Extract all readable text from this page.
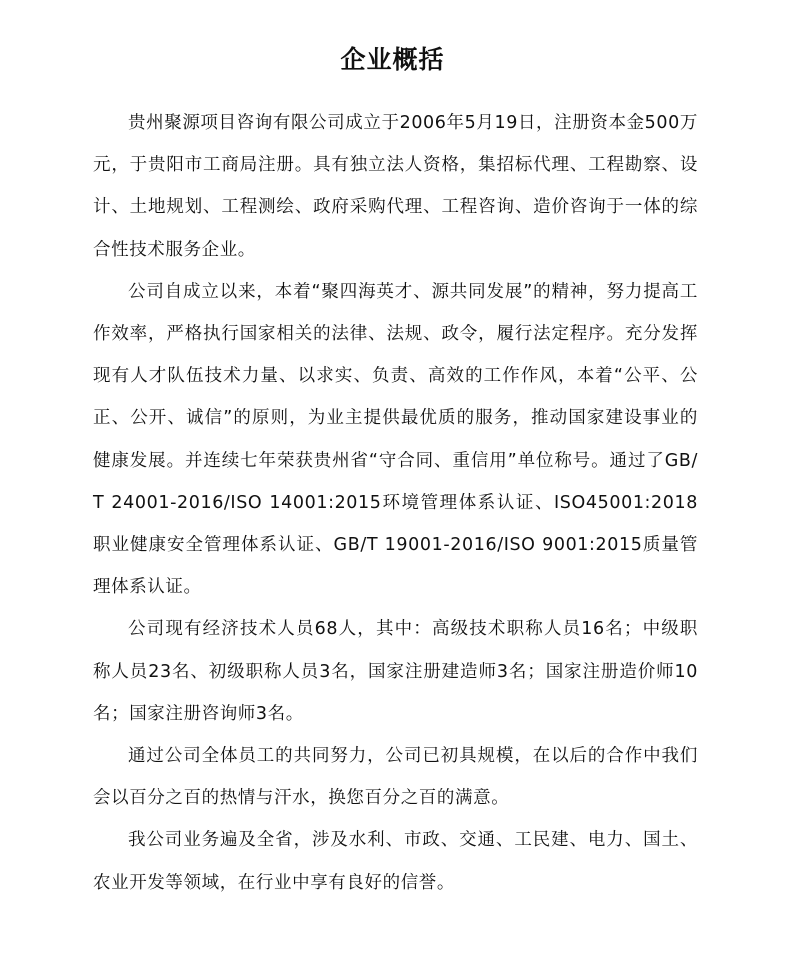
企业概括

贵州聚源项目咨询有限公司成立于2006年5月19日，注册资本金500万元，于贵阳市工商局注册。具有独立法人资格，集招标代理、工程勘察、设计、土地规划、工程测绘、政府采购代理、工程咨询、造价咨询于一体的综合性技术服务企业。

公司自成立以来，本着“聚四海英才、源共同发展”的精神，努力提高工作效率，严格执行国家相关的法律、法规、政令，履行法定程序。充分发挥现有人才队伍技术力量、以求实、负责、高效的工作作风，本着“公平、公正、公开、诚信”的原则，为业主提供最优质的服务，推动国家建设事业的健康发展。并连续七年荣获贵州省“守合同、重信用”单位称号。通过了GB/T 24001-2016/ISO 14001:2015环境管理体系认证、ISO45001:2018职业健康安全管理体系认证、GB/T 19001-2016/ISO 9001:2015质量管理体系认证。

公司现有经济技术人员68人，其中：高级技术职称人员16名；中级职称人员23名、初级职称人员3名，国家注册建造师3名；国家注册造价师10名；国家注册咨询师3名。

通过公司全体员工的共同努力，公司已初具规模，在以后的合作中我们会以百分之百的热情与汗水，换您百分之百的满意。

我公司业务遍及全省，涉及水利、市政、交通、工民建、电力、国土、农业开发等领域，在行业中享有良好的信誉。
